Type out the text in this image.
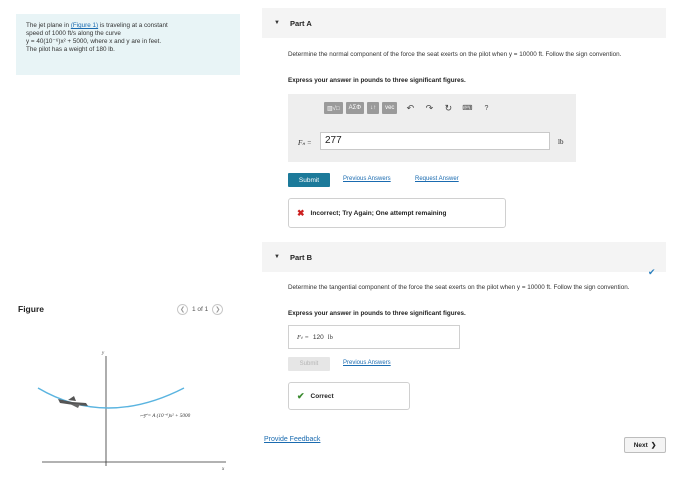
The jet plane in (Figure 1) is traveling at a constant
speed of 1000 ft/s along the curve
y = 40(10⁻⁶)x² + 5000, where x and y are in feet.
The pilot has a weight of 180 lb.
Figure	❮	1 of 1	❯
y
x
y = A (10⁻⁶)x² + 5000
▼ Part A
Determine the normal component of the force the seat exerts on the pilot when y = 10000 ft. Follow the sign convention.
Express your answer in pounds to three significant figures.
▥√□	AΣΦ	↓↑	vec	↶ ↷ ↻	⌨	?
Fₙ =	277	lb
Submit	Previous Answers	Request Answer
✖ Incorrect; Try Again; One attempt remaining
▼ Part B
✔
Determine the tangential component of the force the seat exerts on the pilot when y = 10000 ft. Follow the sign convention.
Express your answer in pounds to three significant figures.
Fₜ = 120 lb
Submit	Previous Answers
✔ Correct
Provide Feedback
Next ❯
